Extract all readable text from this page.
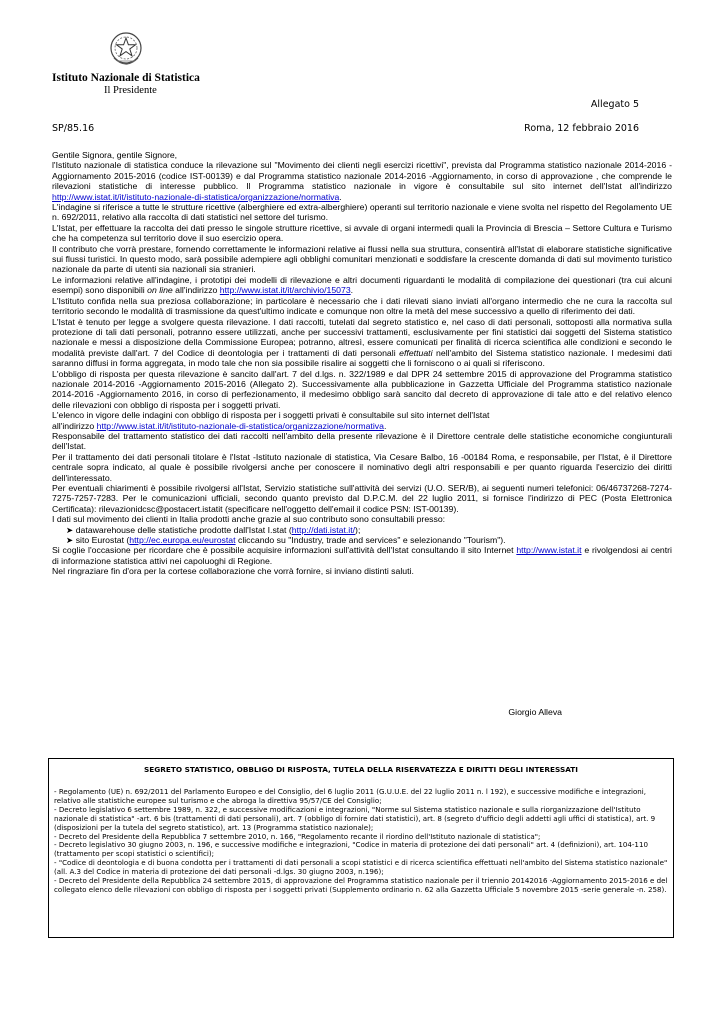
Istituto Nazionale di Statistica
Il Presidente
Allegato 5
SP/85.16	Roma, 12 febbraio 2016

Gentile Signora, gentile Signore,

l'Istituto nazionale di statistica conduce la rilevazione sul "Movimento dei clienti negli esercizi ricettivi", prevista dal Programma statistico nazionale 2014-2016 -Aggiornamento 2015-2016 (codice IST-00139) e dal Programma statistico nazionale 2014-2016 -Aggiornamento, in corso di approvazione , che comprende le rilevazioni statistiche di interesse pubblico. Il Programma statistico nazionale in vigore è consultabile sul sito internet dell'Istat all'indirizzo http://www.istat.it/it/istituto-nazionale-di-statistica/organizzazione/normativa.

L'indagine si riferisce a tutte le strutture ricettive (alberghiere ed extra-alberghiere) operanti sul territorio nazionale e viene svolta nel rispetto del Regolamento UE n. 692/2011, relativo alla raccolta di dati statistici nel settore del turismo.

L'Istat, per effettuare la raccolta dei dati presso le singole strutture ricettive, si avvale di organi intermedi quali la Provincia di Brescia – Settore Cultura e Turismo che ha competenza sul territorio dove il suo esercizio opera.

Il contributo che vorrà prestare, fornendo correttamente le informazioni relative ai flussi nella sua struttura, consentirà all'Istat di elaborare statistiche significative sui flussi turistici. In questo modo, sarà possibile adempiere agli obblighi comunitari menzionati e soddisfare la crescente domanda di dati sul movimento turistico nazionale da parte di utenti sia nazionali sia stranieri.

Le informazioni relative all'indagine, i prototipi dei modelli di rilevazione e altri documenti riguardanti le modalità di compilazione dei questionari (tra cui alcuni esempi) sono disponibili on line all'indirizzo http://www.istat.it/it/archivio/15073.

L'Istituto confida nella sua preziosa collaborazione; in particolare è necessario che i dati rilevati siano inviati all'organo intermedio che ne cura la raccolta sul territorio secondo le modalità di trasmissione da quest'ultimo indicate e comunque non oltre la metà del mese successivo a quello di riferimento dei dati.

L'Istat è tenuto per legge a svolgere questa rilevazione. I dati raccolti, tutelati dal segreto statistico e, nel caso di dati personali, sottoposti alla normativa sulla protezione di tali dati personali, potranno essere utilizzati, anche per successivi trattamenti, esclusivamente per fini statistici dai soggetti del Sistema statistico nazionale e messi a disposizione della Commissione Europea; potranno, altresì, essere comunicati per finalità di ricerca scientifica alle condizioni e secondo le modalità previste dall'art. 7 del Codice di deontologia per i trattamenti di dati personali effettuati nell'ambito del Sistema statistico nazionale. I medesimi dati saranno diffusi in forma aggregata, in modo tale che non sia possibile risalire ai soggetti che li forniscono o ai quali si riferiscono.

L'obbligo di risposta per questa rilevazione è sancito dall'art. 7 del d.lgs. n. 322/1989 e dal DPR 24 settembre 2015 di approvazione del Programma statistico nazionale 2014-2016 -Aggiornamento 2015-2016 (Allegato 2). Successivamente alla pubblicazione in Gazzetta Ufficiale del Programma statistico nazionale 2014-2016 -Aggiornamento 2016, in corso di perfezionamento, il medesimo obbligo sarà sancito dal decreto di approvazione di tale atto e del relativo elenco delle rilevazioni con obbligo di risposta per i soggetti privati.

L'elenco in vigore delle indagini con obbligo di risposta per i soggetti privati è consultabile sul sito internet dell'Istat

all'indirizzo http://www.istat.it/it/istituto-nazionale-di-statistica/organizzazione/normativa.

Responsabile del trattamento statistico dei dati raccolti nell'ambito della presente rilevazione è il Direttore centrale delle statistiche economiche congiunturali dell'Istat.

Per il trattamento dei dati personali titolare è l'Istat -Istituto nazionale di statistica, Via Cesare Balbo, 16 -00184 Roma, e responsabile, per l'Istat, è il Direttore centrale sopra indicato, al quale è possibile rivolgersi anche per conoscere il nominativo degli altri responsabili e per quanto riguarda l'esercizio dei diritti dell'interessato.

Per eventuali chiarimenti è possibile rivolgersi all'Istat, Servizio statistiche sull'attività dei servizi (U.O. SER/B), ai seguenti numeri telefonici: 06/46737268-7274-7275-7257-7283. Per le comunicazioni ufficiali, secondo quanto previsto dal D.P.C.M. del 22 luglio 2011, si fornisce l'indirizzo di PEC (Posta Elettronica Certificata): rilevazionidcsc@postacert.istatit (specificare nell'oggetto dell'email il codice PSN: IST-00139).

I dati sul movimento dei clienti in Italia prodotti anche grazie al suo contributo sono consultabili presso:

➤ datawarehouse delle statistiche prodotte dall'Istat I.stat (http://dati.istat.it/);

➤ sito Eurostat (http://ec.europa.eu/eurostat cliccando su "Industry, trade and services" e selezionando "Tourism").

Si coglie l'occasione per ricordare che è possibile acquisire informazioni sull'attività dell'Istat consultando il sito Internet http://www.istat.it e rivolgendosi ai centri di informazione statistica attivi nei capoluoghi di Regione.

Nel ringraziare fin d'ora per la cortese collaborazione che vorrà fornire, si inviano distinti saluti.

Giorgio Alleva
SEGRETO STATISTICO, OBBLIGO DI RISPOSTA, TUTELA DELLA RISERVATEZZA E DIRITTI DEGLI INTERESSATI

- Regolamento (UE) n. 692/2011 del Parlamento Europeo e del Consiglio, del 6 luglio 2011 (G.U.U.E. del 22 luglio 2011 n. l 192), e successive modifiche e integrazioni, relativo alle statistiche europee sul turismo e che abroga la direttiva 95/57/CE del Consiglio;

- Decreto legislativo 6 settembre 1989, n. 322, e successive modificazioni e integrazioni, "Norme sul Sistema statistico nazionale e sulla riorganizzazione dell'Istituto nazionale di statistica" -art. 6 bis (trattamenti di dati personali), art. 7 (obbligo di fornire dati statistici), art. 8 (segreto d'ufficio degli addetti agli uffici di statistica), art. 9 (disposizioni per la tutela del segreto statistico), art. 13 (Programma statistico nazionale);

- Decreto del Presidente della Repubblica 7 settembre 2010, n. 166, "Regolamento recante il riordino dell'Istituto nazionale di statistica";

- Decreto legislativo 30 giugno 2003, n. 196, e successive modifiche e integrazioni, "Codice in materia di protezione dei dati personali" art. 4 (definizioni), art. 104-110 (trattamento per scopi statistici o scientifici);

- "Codice di deontologia e di buona condotta per i trattamenti di dati personali a scopi statistici e di ricerca scientifica effettuati nell'ambito del Sistema statistico nazionale" (all. A.3 del Codice in materia di protezione dei dati personali -d.lgs. 30 giugno 2003, n.196);

- Decreto del Presidente della Repubblica 24 settembre 2015, di approvazione del Programma statistico nazionale per il triennio 20142016 -Aggiornamento 2015-2016 e del collegato elenco delle rilevazioni con obbligo di risposta per i soggetti privati (Supplemento ordinario n. 62 alla Gazzetta Ufficiale 5 novembre 2015 -serie generale -n. 258).
